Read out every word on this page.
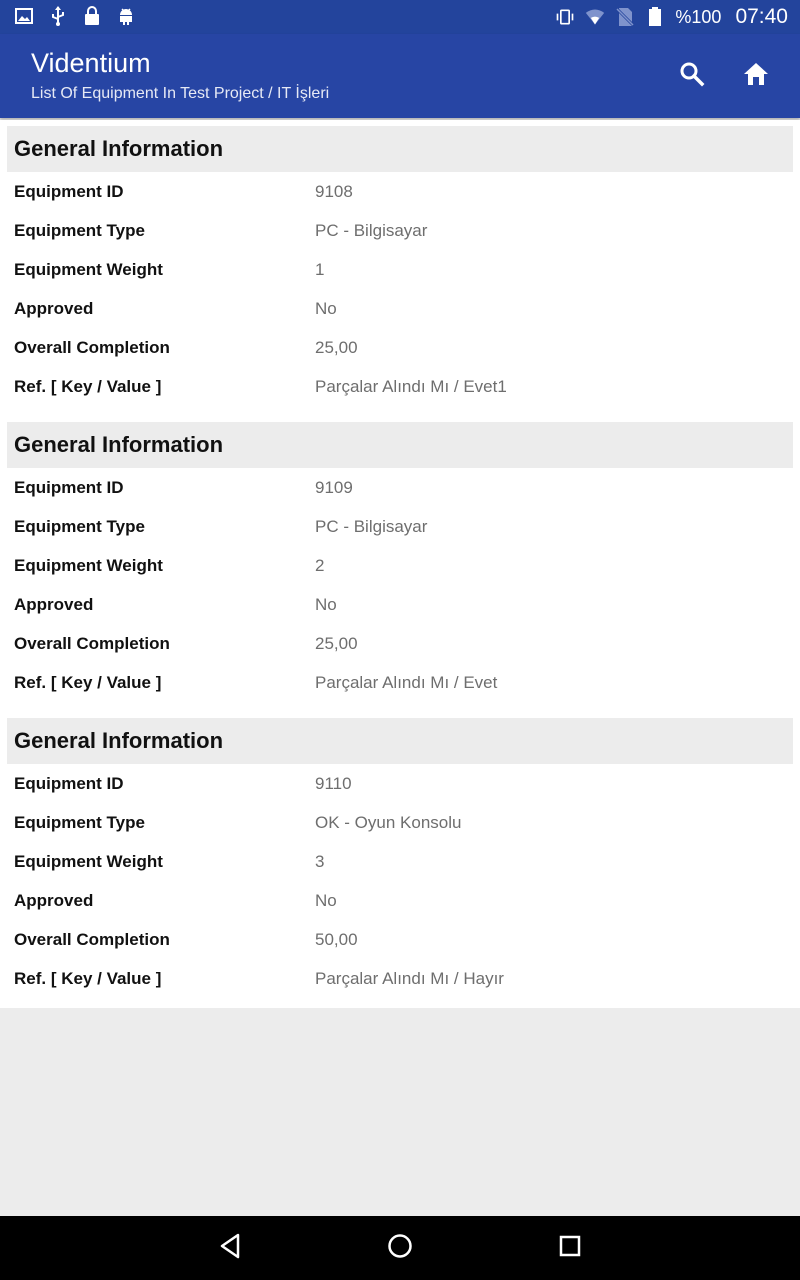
%100 07:40
Videntium
List Of Equipment In Test Project / IT İşleri
General Information
Equipment ID	9108
Equipment Type	PC - Bilgisayar
Equipment Weight	1
Approved	No
Overall Completion	25,00
Ref. [ Key / Value ]	Parçalar Alındı Mı / Evet1
General Information
Equipment ID	9109
Equipment Type	PC - Bilgisayar
Equipment Weight	2
Approved	No
Overall Completion	25,00
Ref. [ Key / Value ]	Parçalar Alındı Mı / Evet
General Information
Equipment ID	9110
Equipment Type	OK - Oyun Konsolu
Equipment Weight	3
Approved	No
Overall Completion	50,00
Ref. [ Key / Value ]	Parçalar Alındı Mı / Hayır
